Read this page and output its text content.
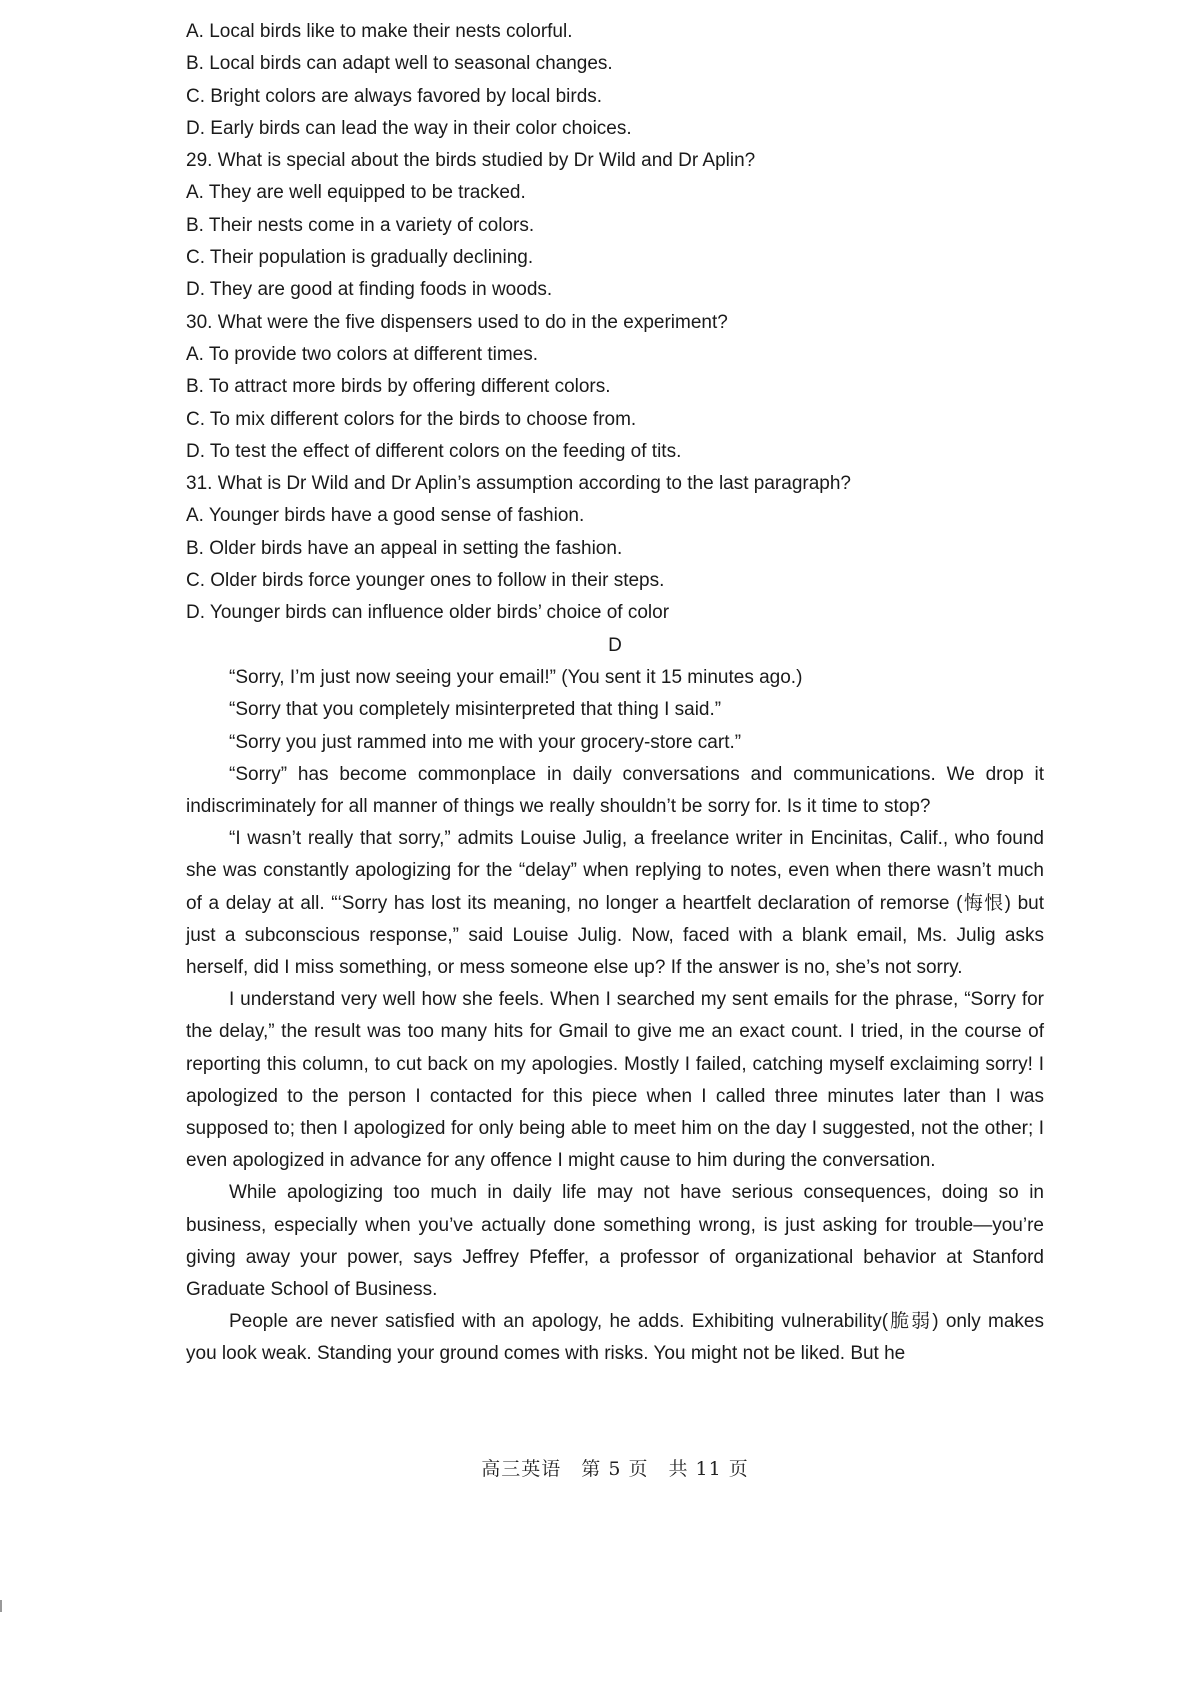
A. Local birds like to make their nests colorful.

B. Local birds can adapt well to seasonal changes.

C. Bright colors are always favored by local birds.

D. Early birds can lead the way in their color choices.

29. What is special about the birds studied by Dr Wild and Dr Aplin?

A. They are well equipped to be tracked.

B. Their nests come in a variety of colors.

C. Their population is gradually declining.

D. They are good at finding foods in woods.

30. What were the five dispensers used to do in the experiment?

A. To provide two colors at different times.

B. To attract more birds by offering different colors.

C. To mix different colors for the birds to choose from.

D. To test the effect of different colors on the feeding of tits.

31. What is Dr Wild and Dr Aplin’s assumption according to the last paragraph?

A. Younger birds have a good sense of fashion.

B. Older birds have an appeal in setting the fashion.

C. Older birds force younger ones to follow in their steps.

D. Younger birds can influence older birds’ choice of color

D

“Sorry, I’m just now seeing your email!” (You sent it 15 minutes ago.)

“Sorry that you completely misinterpreted that thing I said.”

“Sorry you just rammed into me with your grocery-store cart.”

“Sorry” has become commonplace in daily conversations and communications. We drop it indiscriminately for all manner of things we really shouldn’t be sorry for. Is it time to stop?

“I wasn’t really that sorry,” admits Louise Julig, a freelance writer in Encinitas, Calif., who found she was constantly apologizing for the “delay” when replying to notes, even when there wasn’t much of a delay at all. “‘Sorry has lost its meaning, no longer a heartfelt declaration of remorse (悔恨) but just a subconscious response,” said Louise Julig. Now, faced with a blank email, Ms. Julig asks herself, did I miss something, or mess someone else up? If the answer is no, she’s not sorry.

I understand very well how she feels. When I searched my sent emails for the phrase, “Sorry for the delay,” the result was too many hits for Gmail to give me an exact count. I tried, in the course of reporting this column, to cut back on my apologies. Mostly I failed, catching myself exclaiming sorry! I apologized to the person I contacted for this piece when I called three minutes later than I was supposed to; then I apologized for only being able to meet him on the day I suggested, not the other; I even apologized in advance for any offence I might cause to him during the conversation.

While apologizing too much in daily life may not have serious consequences, doing so in business, especially when you’ve actually done something wrong, is just asking for trouble—you’re giving away your power, says Jeffrey Pfeffer, a professor of organizational behavior at Stanford Graduate School of Business.

People are never satisfied with an apology, he adds. Exhibiting vulnerability(脆弱) only makes you look weak. Standing your ground comes with risks. You might not be liked. But he

高三英语　第 5 页　共 11 页
